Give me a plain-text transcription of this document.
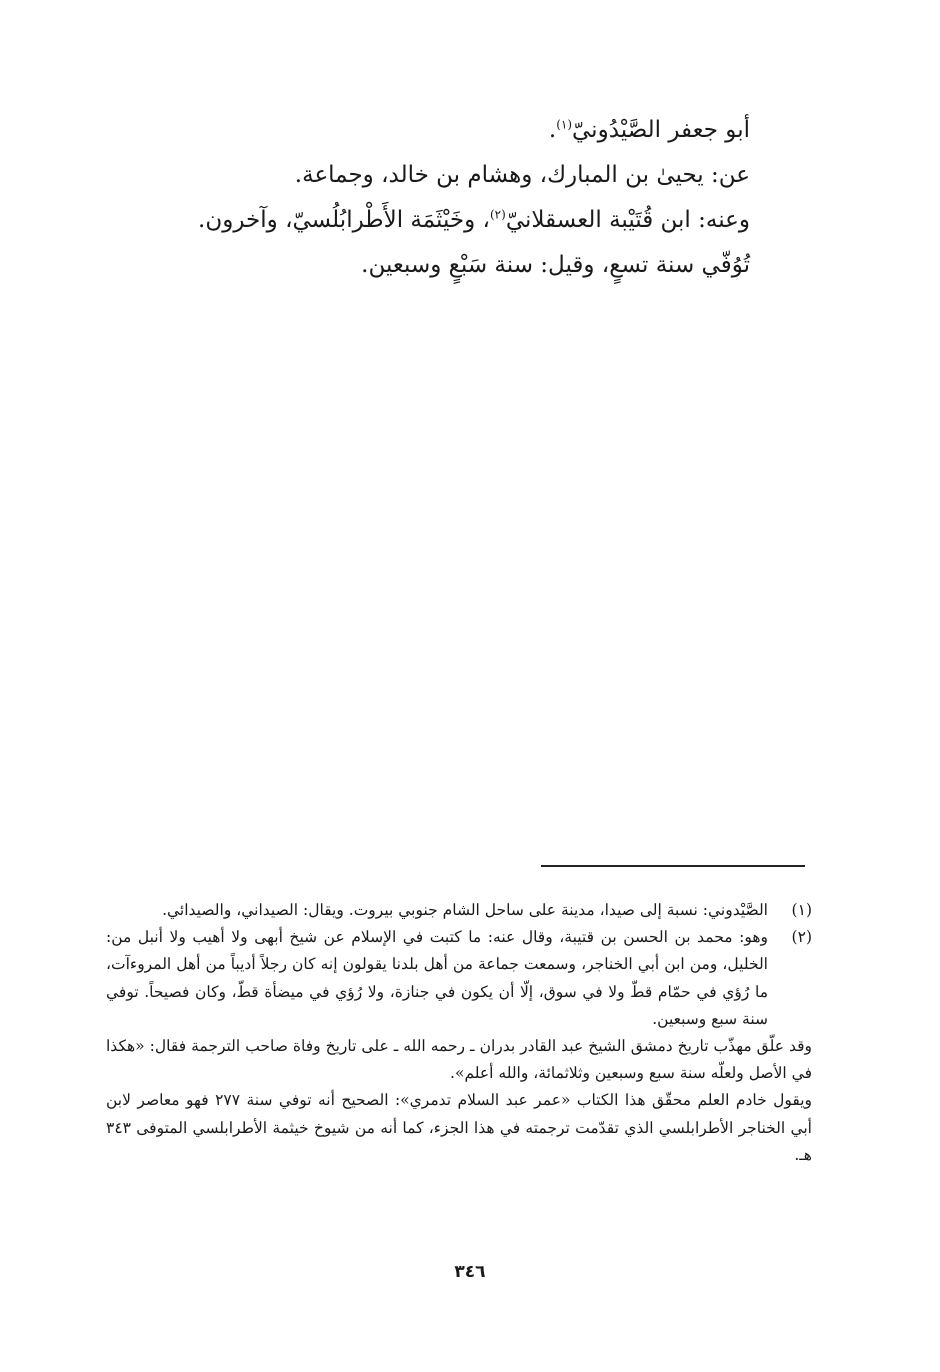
أبو جعفر الصَّيْدُونيّ$^{(١)}$.
عن: يحيىٰ بن المبارك، وهشام بن خالد، وجماعة.
وعنه: ابن قُتَيْبة العسقلانيّ$^{(٢)}$، وخَيْثَمَة الأَطْرابُلُسيّ، وآخرون.
تُوُفّي سنة تسعٍ، وقيل: سنة سَبْعٍ وسبعين.
(١)

الصَّيْدوني: نسبة إلى صيدا، مدينة على ساحل الشام جنوبي بيروت. ويقال: الصيداني، والصيدائي.

(٢)

وهو: محمد بن الحسن بن قتيبة، وقال عنه: ما كتبت في الإسلام عن شيخ أبهى ولا أهيب ولا أنبل من: الخليل، ومن ابن أبي الخناجر، وسمعت جماعة من أهل بلدنا يقولون إنه كان رجلاً أديباً من أهل المروءآت، ما رُؤي في حمّام قطّ ولا في سوق، إلّا أن يكون في جنازة، ولا رُؤي في ميضأة قطّ، وكان فصيحاً. توفي سنة سبع وسبعين.

وقد علّق مهذّب تاريخ دمشق الشيخ عبد القادر بدران ـ رحمه الله ـ على تاريخ وفاة صاحب الترجمة فقال: «هكذا في الأصل ولعلّه سنة سبع وسبعين وثلاثمائة، والله أعلم».

ويقول خادم العلم محقّق هذا الكتاب «عمر عبد السلام تدمري»: الصحيح أنه توفي سنة ٢٧٧ فهو معاصر لابن أبي الخناجر الأطرابلسي الذي تقدّمت ترجمته في هذا الجزء، كما أنه من شيوخ خيثمة الأطرابلسي المتوفى ٣٤٣ هـ.

٣٤٦
